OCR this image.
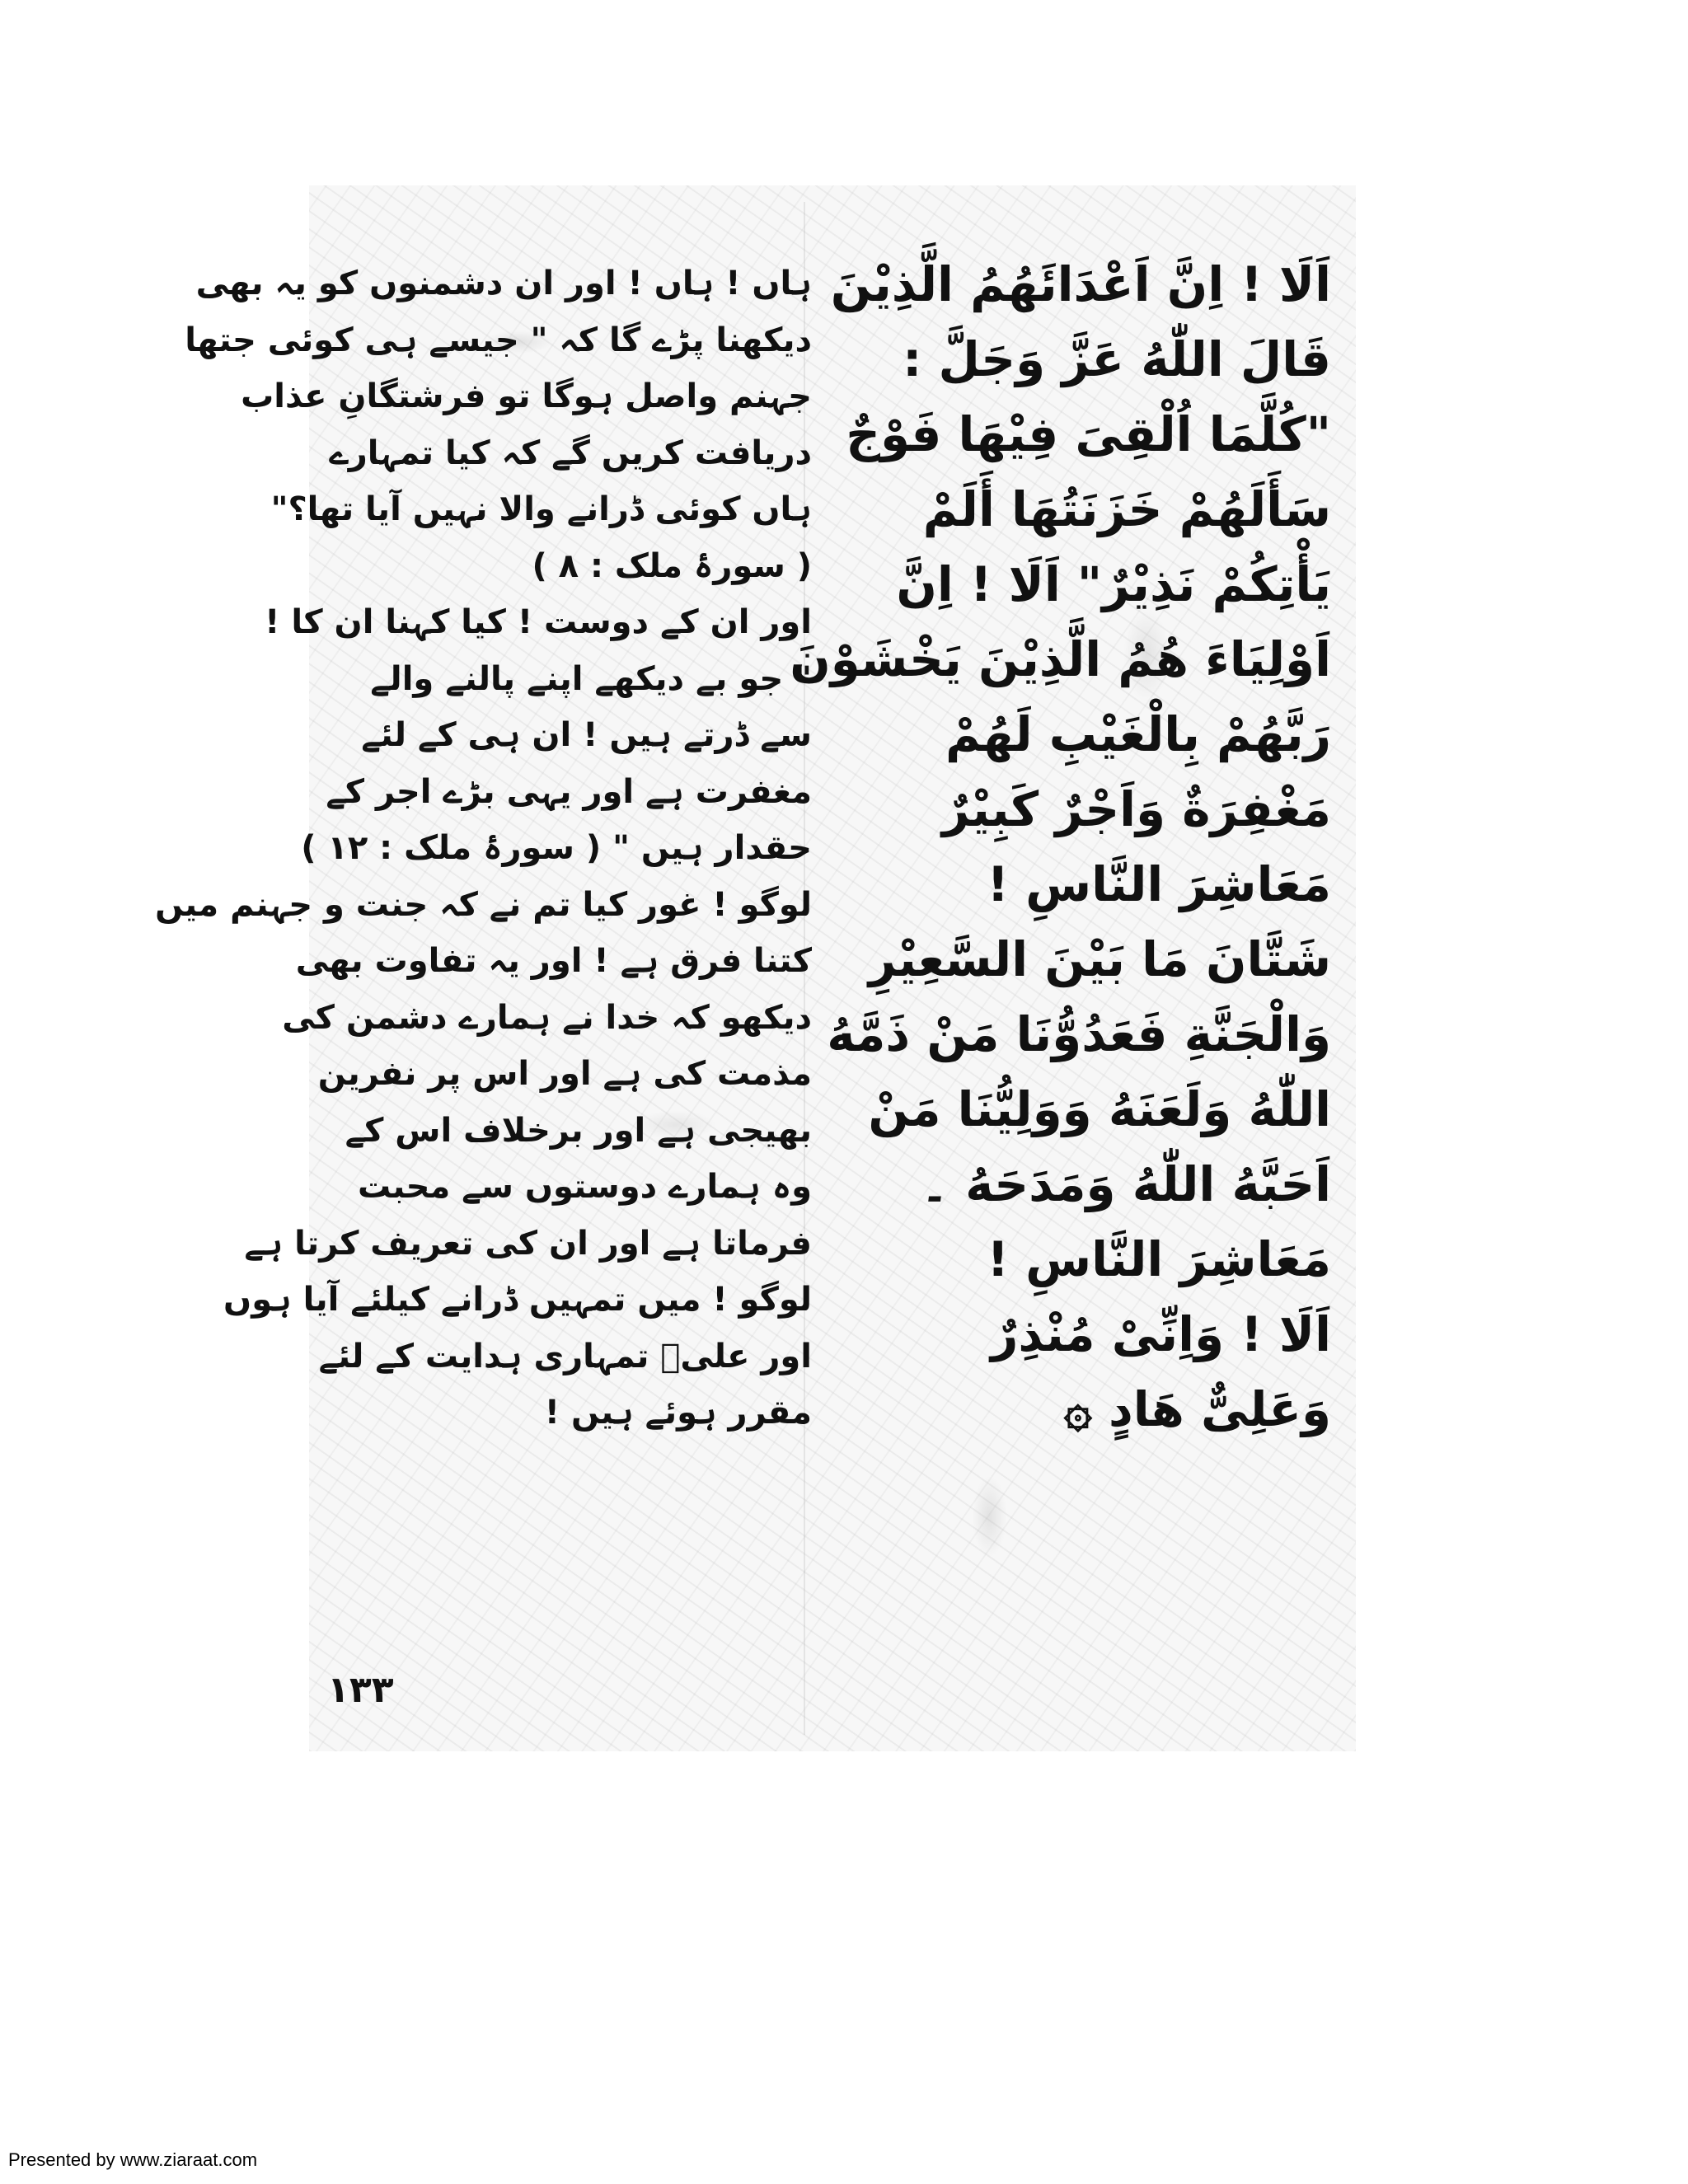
ہاں ! ہاں ! اور ان دشمنوں کو یہ بھی
دیکھنا پڑے گا کہ " جیسے ہی کوئی جتھا
جہنم واصل ہوگا تو فرشتگانِ عذاب
دریافت کریں گے کہ کیا تمہارے
ہاں کوئی ڈرانے والا نہیں آیا تھا؟"
( سورۂ ملک : ۸ )
اور ان کے دوست ! کیا کہنا ان کا !
" جو بے دیکھے اپنے پالنے والے
سے ڈرتے ہیں ! ان ہی کے لئے
مغفرت ہے اور یہی بڑے اجر کے
حقدار ہیں " ( سورۂ ملک : ۱۲ )
لوگو ! غور کیا تم نے کہ جنت و جہنم میں
کتنا فرق ہے ! اور یہ تفاوت بھی
دیکھو کہ خدا نے ہمارے دشمن کی
مذمت کی ہے اور اس پر نفرین
بھیجی ہے اور برخلاف اس کے
وہ ہمارے دوستوں سے محبت
فرماتا ہے اور ان کی تعریف کرتا ہے
لوگو ! میں تمہیں ڈرانے کیلئے آیا ہوں
اور علیؑ تمہاری ہدایت کے لئے
مقرر ہوئے ہیں !
اَلَا ! اِنَّ اَعْدَائَهُمُ الَّذِیْنَ
قَالَ اللّٰهُ عَزَّ وَجَلَّ :
"كُلَّمَا اُلْقِیَ فِیْهَا فَوْجٌ
سَأَلَهُمْ خَزَنَتُهَا أَلَمْ
یَأْتِكُمْ نَذِیْرٌ" اَلَا ! اِنَّ
اَوْلِیَاءَ هُمُ الَّذِیْنَ یَخْشَوْنَ
رَبَّهُمْ بِالْغَیْبِ لَهُمْ
مَغْفِرَةٌ وَاَجْرٌ كَبِیْرٌ
مَعَاشِرَ النَّاسِ !
شَتَّانَ مَا بَیْنَ السَّعِیْرِ
وَالْجَنَّةِ فَعَدُوُّنَا مَنْ ذَمَّهُ
اللّٰهُ وَلَعَنَهُ وَوَلِیُّنَا مَنْ
اَحَبَّهُ اللّٰهُ وَمَدَحَهُ ۔
مَعَاشِرَ النَّاسِ !
اَلَا ! وَاِنِّیْ مُنْذِرٌ
وَعَلِیٌّ هَادٍ ۞
۱۳۳
Presented by www.ziaraat.com
